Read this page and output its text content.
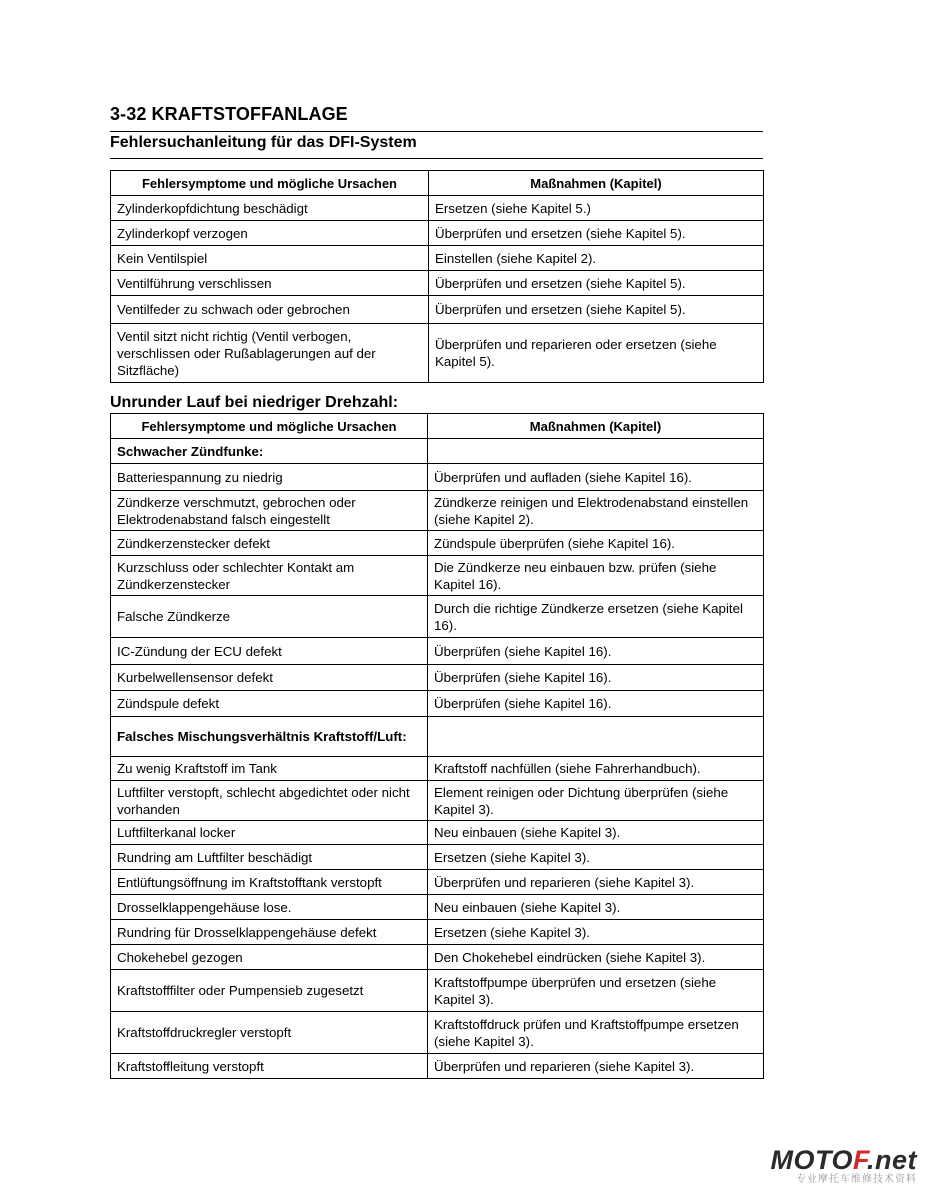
3-32 KRAFTSTOFFANLAGE
Fehlersuchanleitung für das DFI-System
Fehlersymptome und mögliche Ursachen	Maßnahmen (Kapitel)
Zylinderkopfdichtung beschädigt	Ersetzen (siehe Kapitel 5.)
Zylinderkopf verzogen	Überprüfen und ersetzen (siehe Kapitel 5).
Kein Ventilspiel	Einstellen (siehe Kapitel 2).
Ventilführung verschlissen	Überprüfen und ersetzen (siehe Kapitel 5).
Ventilfeder zu schwach oder gebrochen	Überprüfen und ersetzen (siehe Kapitel 5).
Ventil sitzt nicht richtig (Ventil verbogen, verschlissen oder Rußablagerungen auf der Sitzfläche)	Überprüfen und reparieren oder ersetzen (siehe Kapitel 5).
Unrunder Lauf bei niedriger Drehzahl:
Fehlersymptome und mögliche Ursachen	Maßnahmen (Kapitel)
Schwacher Zündfunke:	
Batteriespannung zu niedrig	Überprüfen und aufladen (siehe Kapitel 16).
Zündkerze verschmutzt, gebrochen oder Elektrodenabstand falsch eingestellt	Zündkerze reinigen und Elektrodenabstand einstellen (siehe Kapitel 2).
Zündkerzenstecker defekt	Zündspule überprüfen (siehe Kapitel 16).
Kurzschluss oder schlechter Kontakt am Zündkerzenstecker	Die Zündkerze neu einbauen bzw. prüfen (siehe Kapitel 16).
Falsche Zündkerze	Durch die richtige Zündkerze ersetzen (siehe Kapitel 16).
IC-Zündung der ECU defekt	Überprüfen (siehe Kapitel 16).
Kurbelwellensensor defekt	Überprüfen (siehe Kapitel 16).
Zündspule defekt	Überprüfen (siehe Kapitel 16).
Falsches Mischungsverhältnis Kraftstoff/Luft:	
Zu wenig Kraftstoff im Tank	Kraftstoff nachfüllen (siehe Fahrerhandbuch).
Luftfilter verstopft, schlecht abgedichtet oder nicht vorhanden	Element reinigen oder Dichtung überprüfen (siehe Kapitel 3).
Luftfilterkanal locker	Neu einbauen (siehe Kapitel 3).
Rundring am Luftfilter beschädigt	Ersetzen (siehe Kapitel 3).
Entlüftungsöffnung im Kraftstofftank verstopft	Überprüfen und reparieren (siehe Kapitel 3).
Drosselklappengehäuse lose.	Neu einbauen (siehe Kapitel 3).
Rundring für Drosselklappengehäuse defekt	Ersetzen (siehe Kapitel 3).
Chokehebel gezogen	Den Chokehebel eindrücken (siehe Kapitel 3).
Kraftstofffilter oder Pumpensieb zugesetzt	Kraftstoffpumpe überprüfen und ersetzen (siehe Kapitel 3).
Kraftstoffdruckregler verstopft	Kraftstoffdruck prüfen und Kraftstoffpumpe ersetzen (siehe Kapitel 3).
Kraftstoffleitung verstopft	Überprüfen und reparieren (siehe Kapitel 3).
MOTOF.net
专业摩托车维修技术资料
